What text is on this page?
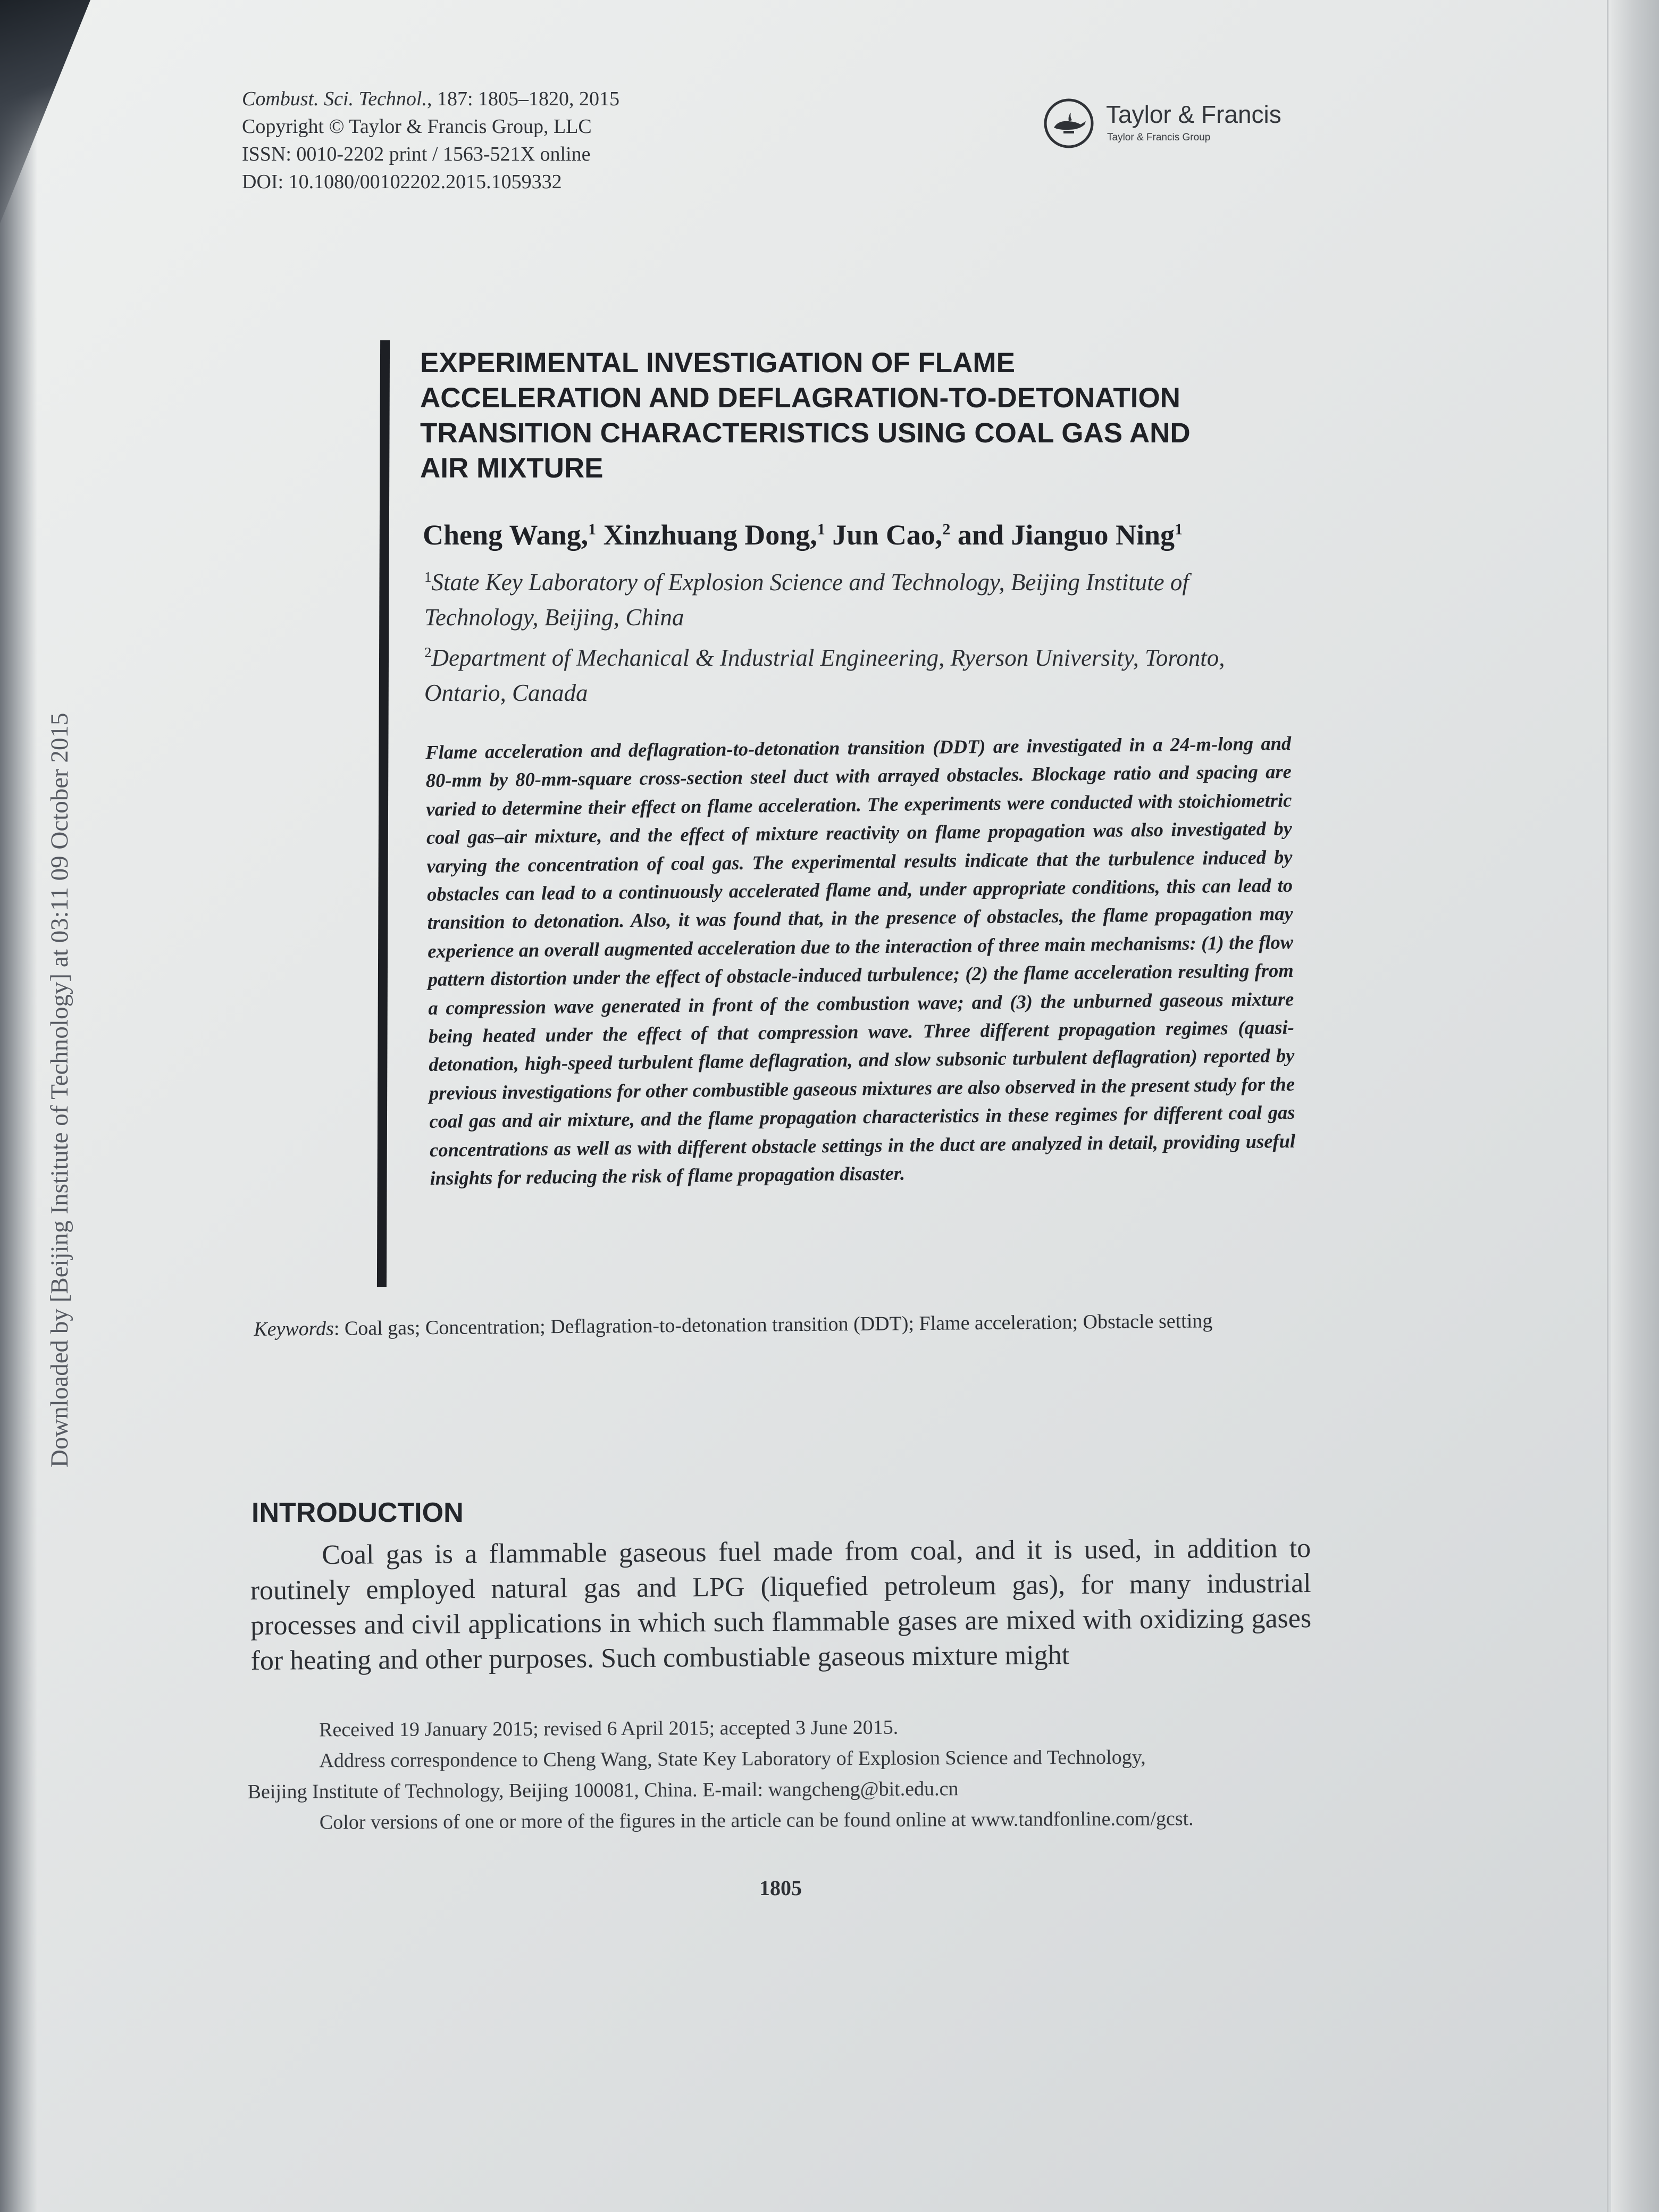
Combust. Sci. Technol., 187: 1805–1820, 2015
Copyright © Taylor & Francis Group, LLC
ISSN: 0010-2202 print / 1563-521X online
DOI: 10.1080/00102202.2015.1059332
Taylor & Francis
Taylor & Francis Group
Downloaded by [Beijing Institute of Technology] at 03:11 09 October 2015
EXPERIMENTAL INVESTIGATION OF FLAME
ACCELERATION AND DEFLAGRATION-TO-DETONATION
TRANSITION CHARACTERISTICS USING COAL GAS AND
AIR MIXTURE
Cheng Wang,$^1$ Xinzhuang Dong,$^1$ Jun Cao,$^2$ and Jianguo Ning$^1$
$^1$State Key Laboratory of Explosion Science and Technology, Beijing Institute of
Technology, Beijing, China
$^2$Department of Mechanical & Industrial Engineering, Ryerson University, Toronto,
Ontario, Canada
Flame acceleration and deflagration-to-detonation transition (DDT) are investigated in a 24-m-long and 80-mm by 80-mm-square cross-section steel duct with arrayed obstacles. Blockage ratio and spacing are varied to determine their effect on flame acceleration. The experiments were conducted with stoichiometric coal gas–air mixture, and the effect of mixture reactivity on flame propagation was also investigated by varying the concentration of coal gas. The experimental results indicate that the turbulence induced by obstacles can lead to a continuously accelerated flame and, under appropriate conditions, this can lead to transition to detonation. Also, it was found that, in the presence of obstacles, the flame propagation may experience an overall augmented acceleration due to the interaction of three main mechanisms: (1) the flow pattern distortion under the effect of obstacle-induced turbulence; (2) the flame acceleration resulting from a compression wave generated in front of the combustion wave; and (3) the unburned gaseous mixture being heated under the effect of that compression wave. Three different propagation regimes (quasi-detonation, high-speed turbulent flame deflagration, and slow subsonic turbulent deflagration) reported by previous investigations for other combustible gaseous mixtures are also observed in the present study for the coal gas and air mixture, and the flame propagation characteristics in these regimes for different coal gas concentrations as well as with different obstacle settings in the duct are analyzed in detail, providing useful insights for reducing the risk of flame propagation disaster.
Keywords: Coal gas; Concentration; Deflagration-to-detonation transition (DDT); Flame acceleration; Obstacle setting
INTRODUCTION
Coal gas is a flammable gaseous fuel made from coal, and it is used, in addition to routinely employed natural gas and LPG (liquefied petroleum gas), for many industrial processes and civil applications in which such flammable gases are mixed with oxidizing gases for heating and other purposes. Such combustiable gaseous mixture might
Received 19 January 2015; revised 6 April 2015; accepted 3 June 2015.
Address correspondence to Cheng Wang, State Key Laboratory of Explosion Science and Technology,
Beijing Institute of Technology, Beijing 100081, China. E-mail: wangcheng@bit.edu.cn
Color versions of one or more of the figures in the article can be found online at www.tandfonline.com/gcst.
1805
